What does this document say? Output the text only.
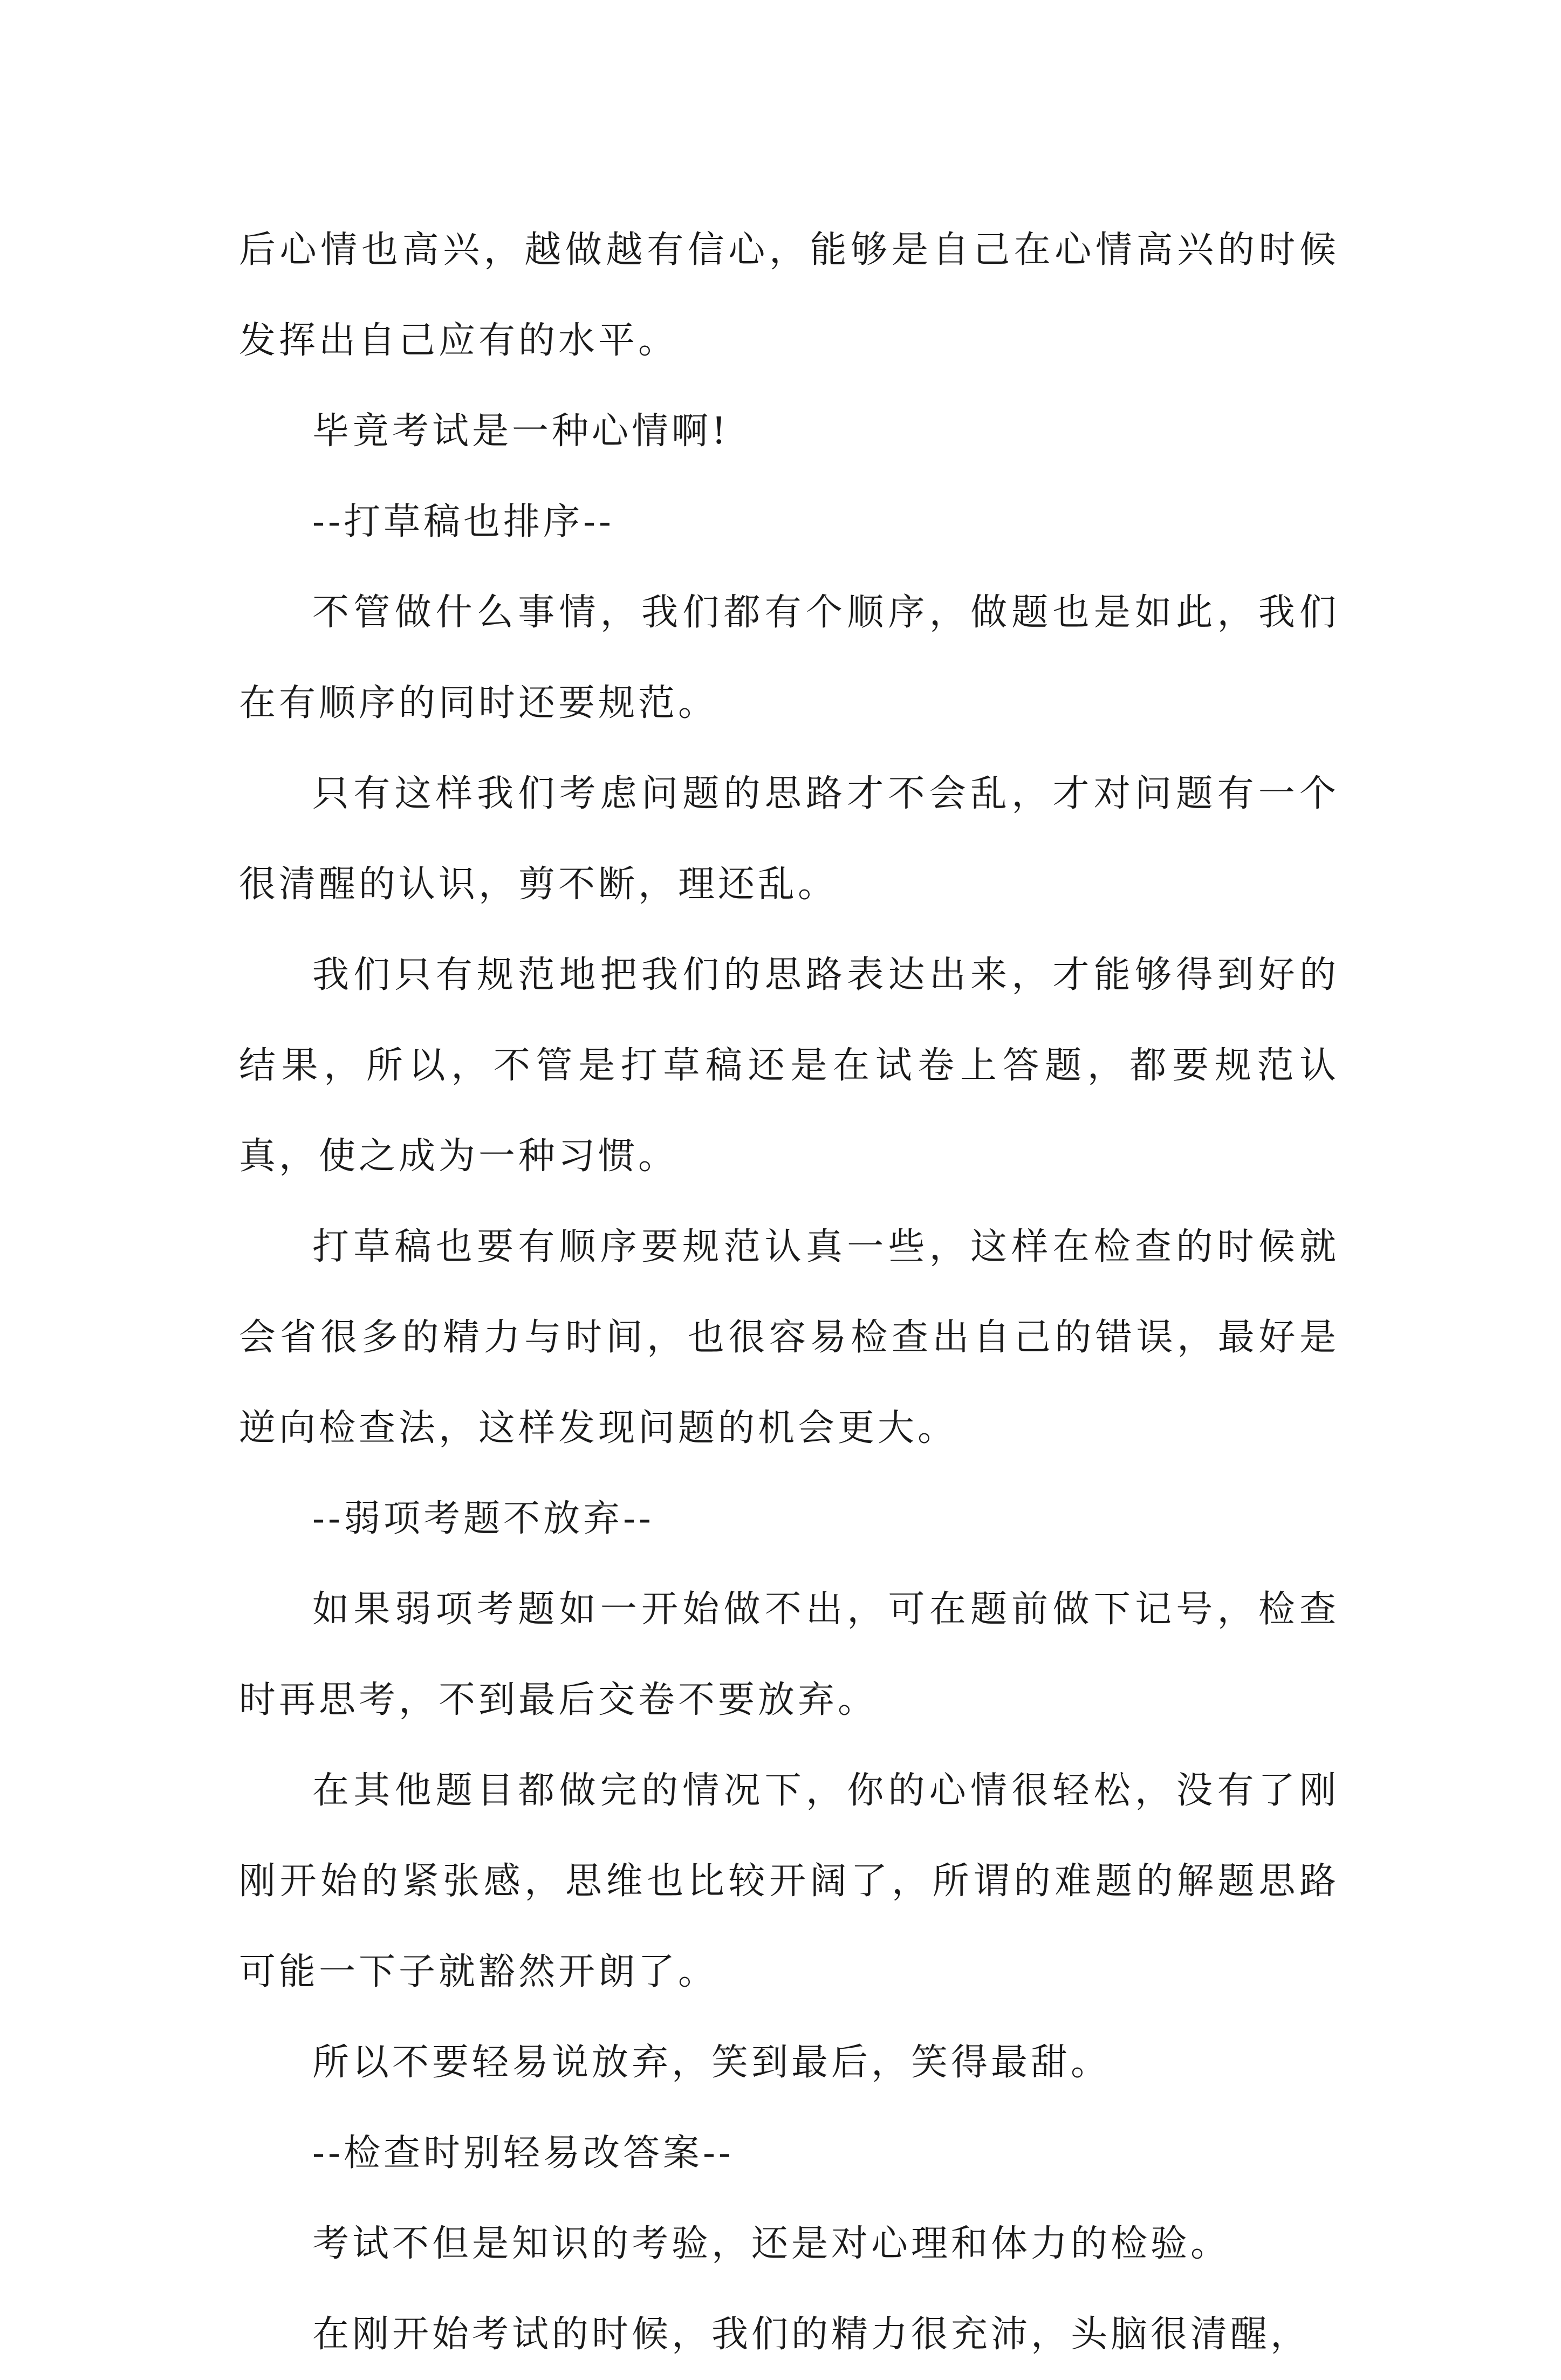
后心情也高兴，越做越有信心，能够是自己在心情高兴的时候发挥出自己应有的水平。

毕竟考试是一种心情啊!

--打草稿也排序--

不管做什么事情，我们都有个顺序，做题也是如此，我们在有顺序的同时还要规范。

只有这样我们考虑问题的思路才不会乱，才对问题有一个很清醒的认识，剪不断，理还乱。

我们只有规范地把我们的思路表达出来，才能够得到好的结果，所以，不管是打草稿还是在试卷上答题，都要规范认真，使之成为一种习惯。

打草稿也要有顺序要规范认真一些，这样在检查的时候就会省很多的精力与时间，也很容易检查出自己的错误，最好是逆向检查法，这样发现问题的机会更大。

--弱项考题不放弃--

如果弱项考题如一开始做不出，可在题前做下记号，检查时再思考，不到最后交卷不要放弃。

在其他题目都做完的情况下，你的心情很轻松，没有了刚刚开始的紧张感，思维也比较开阔了，所谓的难题的解题思路可能一下子就豁然开朗了。

所以不要轻易说放弃，笑到最后，笑得最甜。

--检查时别轻易改答案--

考试不但是知识的考验，还是对心理和体力的检验。

在刚开始考试的时候，我们的精力很充沛，头脑很清醒，
